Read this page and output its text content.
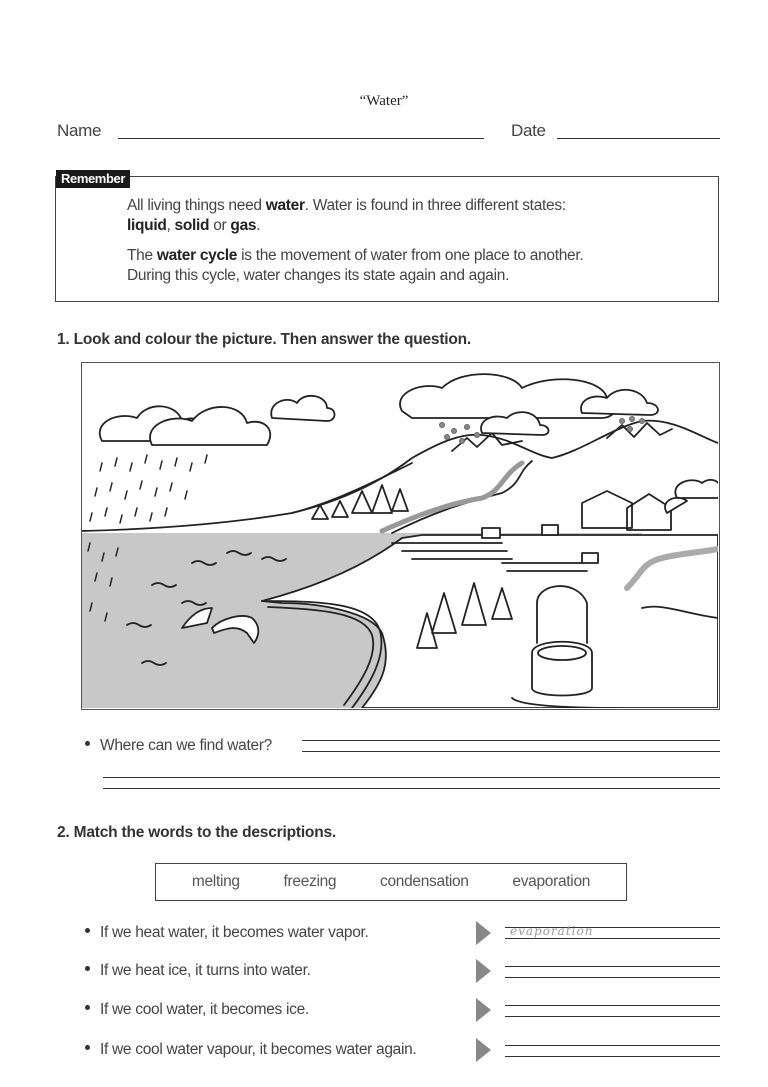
“Water”
Name	Date
Remember
All living things need water. Water is found in three different states:
liquid, solid or gas.
The water cycle is the movement of water from one place to another.
During this cycle, water changes its state again and again.
1. Look and colour the picture. Then answer the question.
Where can we find water?
2. Match the words to the descriptions.
melting	freezing	condensation	evaporation
If we heat water, it becomes water vapor.	evaporation
If we heat ice, it turns into water.
If we cool water, it becomes ice.
If we cool water vapour, it becomes water again.
